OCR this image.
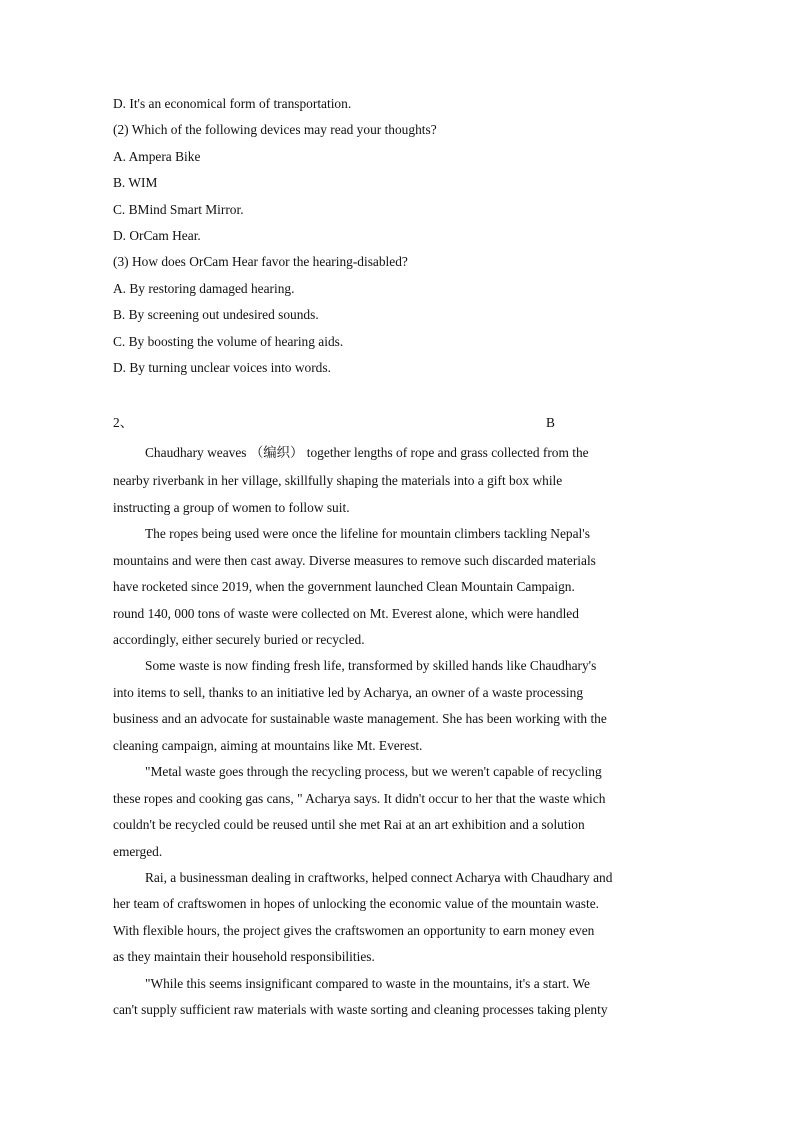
D. It's an economical form of transportation.
(2) Which of the following devices may read your thoughts?
A. Ampera Bike
B. WIM
C. BMind Smart Mirror.
D. OrCam Hear.
(3) How does OrCam Hear favor the hearing-disabled?
A. By restoring damaged hearing.
B. By screening out undesired sounds.
C. By boosting the volume of hearing aids.
D. By turning unclear voices into words.
2、	B
Chaudhary weaves （编织） together lengths of rope and grass collected from the
nearby riverbank in her village, skillfully shaping the materials into a gift box while
instructing a group of women to follow suit.
The ropes being used were once the lifeline for mountain climbers tackling Nepal's
mountains and were then cast away. Diverse measures to remove such discarded materials
have rocketed since 2019, when the government launched Clean Mountain Campaign.
round 140, 000 tons of waste were collected on Mt. Everest alone, which were handled
accordingly, either securely buried or recycled.
Some waste is now finding fresh life, transformed by skilled hands like Chaudhary's
into items to sell, thanks to an initiative led by Acharya, an owner of a waste processing
business and an advocate for sustainable waste management. She has been working with the
cleaning campaign, aiming at mountains like Mt. Everest.
"Metal waste goes through the recycling process, but we weren't capable of recycling
these ropes and cooking gas cans, " Acharya says. It didn't occur to her that the waste which
couldn't be recycled could be reused until she met Rai at an art exhibition and a solution
emerged.
Rai, a businessman dealing in craftworks, helped connect Acharya with Chaudhary and
her team of craftswomen in hopes of unlocking the economic value of the mountain waste.
With flexible hours, the project gives the craftswomen an opportunity to earn money even
as they maintain their household responsibilities.
"While this seems insignificant compared to waste in the mountains, it's a start. We
can't supply sufficient raw materials with waste sorting and cleaning processes taking plenty
